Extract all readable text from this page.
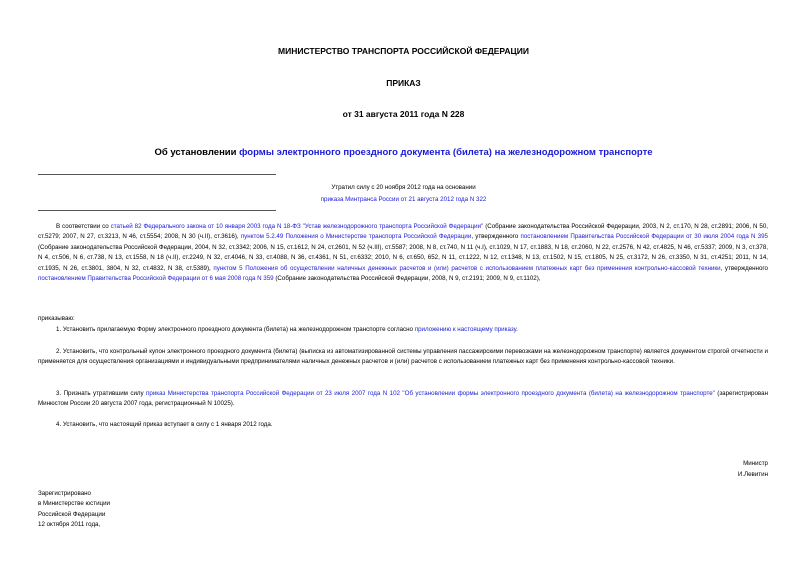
МИНИСТЕРСТВО ТРАНСПОРТА РОССИЙСКОЙ ФЕДЕРАЦИИ
ПРИКАЗ
от 31 августа 2011 года N 228
Об установлении формы электронного проездного документа (билета) на железнодорожном транспорте
Утратил силу с 20 ноября 2012 года на основании
приказа Минтранса России от 21 августа 2012 года N 322
В соответствии со статьей 82 Федерального закона от 10 января 2003 года N 18-ФЗ "Устав железнодорожного транспорта Российской Федерации" (Собрание законодательства Российской Федерации, 2003, N 2, ст.170, N 28, ст.2891; 2006, N 50, ст.5279; 2007, N 27, ст.3213, N 46, ст.5554; 2008, N 30 (ч.II), ст.3616), пунктом 5.2.49 Положения о Министерстве транспорта Российской Федерации, утвержденного постановлением Правительства Российской Федерации от 30 июля 2004 года N 395 (Собрание законодательства Российской Федерации, 2004, N 32, ст.3342; 2006, N 15, ст.1612, N 24, ст.2601, N 52 (ч.III), ст.5587; 2008, N 8, ст.740, N 11 (ч.I), ст.1029, N 17, ст.1883, N 18, ст.2060, N 22, ст.2576, N 42, ст.4825, N 46, ст.5337; 2009, N 3, ст.378, N 4, ст.506, N 6, ст.738, N 13, ст.1558, N 18 (ч.II), ст.2249, N 32, ст.4046, N 33, ст.4088, N 36, ст.4361, N 51, ст.6332; 2010, N 6, ст.650, 652, N 11, ст.1222, N 12, ст.1348, N 13, ст.1502, N 15, ст.1805, N 25, ст.3172, N 26, ст.3350, N 31, ст.4251; 2011, N 14, ст.1935, N 26, ст.3801, 3804, N 32, ст.4832, N 38, ст.5389), пунктом 5 Положения об осуществлении наличных денежных расчетов и (или) расчетов с использованием платежных карт без применения контрольно-кассовой техники, утвержденного постановлением Правительства Российской Федерации от 6 мая 2008 года N 359 (Собрание законодательства Российской Федерации, 2008, N 9, ст.2191; 2009, N 9, ст.1102),
приказываю:
1. Установить прилагаемую Форму электронного проездного документа (билета) на железнодорожном транспорте согласно приложению к настоящему приказу.
2. Установить, что контрольный купон электронного проездного документа (билета) (выписка из автоматизированной системы управления пассажирскими перевозками на железнодорожном транспорте) является документом строгой отчетности и применяется для осуществления организациями и индивидуальными предпринимателями наличных денежных расчетов и (или) расчетов с использованием платежных карт без применения контрольно-кассовой техники.
3. Признать утратившим силу приказ Министерства транспорта Российской Федерации от 23 июля 2007 года N 102 "Об установлении формы электронного проездного документа (билета) на железнодорожном транспорте" (зарегистрирован Минюстом России 20 августа 2007 года, регистрационный N 10025).
4. Установить, что настоящий приказ вступает в силу с 1 января 2012 года.
Министр
И.Левитин
Зарегистрировано
в Министерстве юстиции
Российской Федерации
12 октября 2011 года,
